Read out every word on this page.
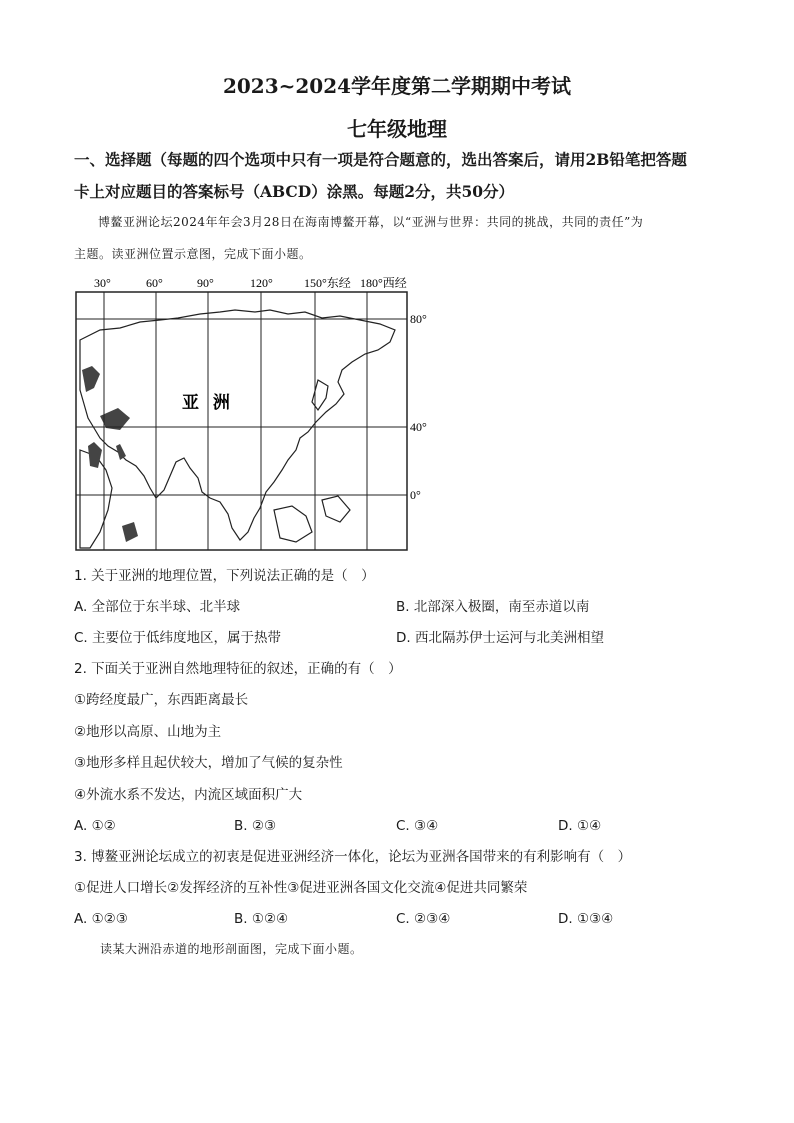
2023~2024学年度第二学期期中考试
七年级地理
一、选择题（每题的四个选项中只有一项是符合题意的，选出答案后，请用2B铅笔把答题
卡上对应题目的答案标号（ABCD）涂黑。每题2分，共50分）
博鳌亚洲论坛2024年年会3月28日在海南博鳌开幕，以“亚洲与世界：共同的挑战，共同的责任”为
主题。读亚洲位置示意图，完成下面小题。
30°	60°	90°	120°	150°东经 180°西经
80°
40°
0°
亚 洲
1. 关于亚洲的地理位置，下列说法正确的是（　）
A. 全部位于东半球、北半球	B. 北部深入极圈，南至赤道以南
C. 主要位于低纬度地区，属于热带	D. 西北隔苏伊士运河与北美洲相望
2. 下面关于亚洲自然地理特征的叙述，正确的有（　）
①跨经度最广，东西距离最长
②地形以高原、山地为主
③地形多样且起伏较大，增加了气候的复杂性
④外流水系不发达，内流区域面积广大
A. ①②	B. ②③	C. ③④	D. ①④
3. 博鳌亚洲论坛成立的初衷是促进亚洲经济一体化，论坛为亚洲各国带来的有利影响有（　）
①促进人口增长②发挥经济的互补性③促进亚洲各国文化交流④促进共同繁荣
A. ①②③	B. ①②④	C. ②③④	D. ①③④
读某大洲沿赤道的地形剖面图，完成下面小题。
